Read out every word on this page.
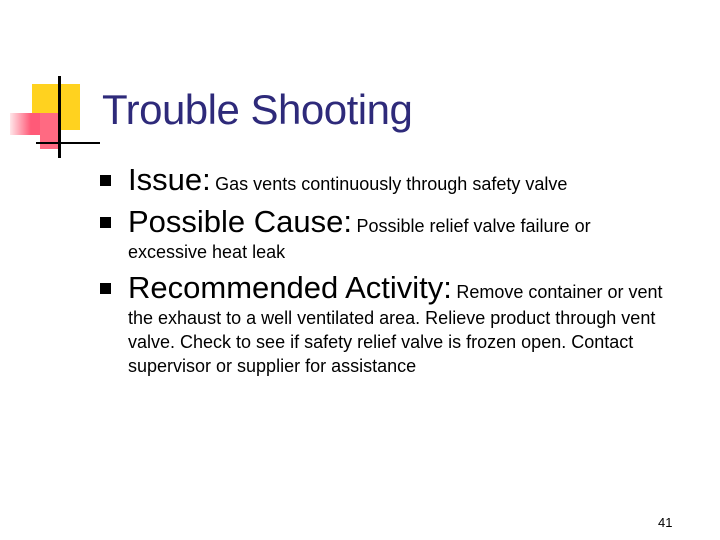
Trouble Shooting
Issue: Gas vents continuously through safety valve
Possible Cause: Possible relief valve failure or
excessive heat leak
Recommended Activity: Remove container or vent
the exhaust to a well ventilated area. Relieve product through vent valve. Check to see if safety relief valve is frozen open. Contact supervisor or supplier for assistance
41
